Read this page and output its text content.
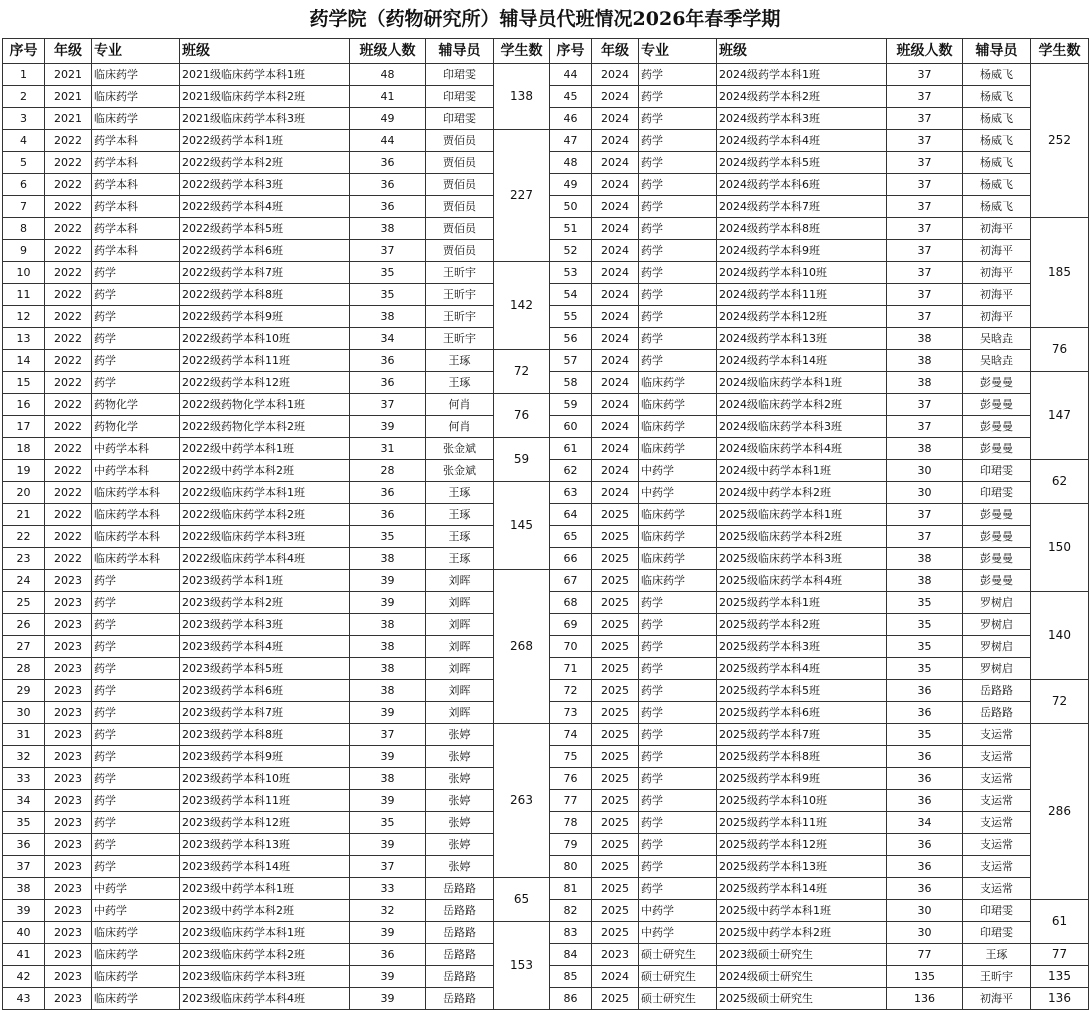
药学院（药物研究所）辅导员代班情况2026年春季学期
序号	年级	专业	班级	班级人数	辅导员	学生数	序号	年级	专业	班级	班级人数	辅导员	学生数
1	2021	临床药学	2021级临床药学本科1班	48	印珺雯	138	44	2024	药学	2024级药学本科1班	37	杨威飞	252
2	2021	临床药学	2021级临床药学本科2班	41	印珺雯		45	2024	药学	2024级药学本科2班	37	杨威飞	
3	2021	临床药学	2021级临床药学本科3班	49	印珺雯		46	2024	药学	2024级药学本科3班	37	杨威飞	
4	2022	药学本科	2022级药学本科1班	44	贾佰员	227	47	2024	药学	2024级药学本科4班	37	杨威飞	
5	2022	药学本科	2022级药学本科2班	36	贾佰员		48	2024	药学	2024级药学本科5班	37	杨威飞	
6	2022	药学本科	2022级药学本科3班	36	贾佰员		49	2024	药学	2024级药学本科6班	37	杨威飞	
7	2022	药学本科	2022级药学本科4班	36	贾佰员		50	2024	药学	2024级药学本科7班	37	杨威飞	
8	2022	药学本科	2022级药学本科5班	38	贾佰员		51	2024	药学	2024级药学本科8班	37	初海平	185
9	2022	药学本科	2022级药学本科6班	37	贾佰员		52	2024	药学	2024级药学本科9班	37	初海平	
10	2022	药学	2022级药学本科7班	35	王昕宇	142	53	2024	药学	2024级药学本科10班	37	初海平	
11	2022	药学	2022级药学本科8班	35	王昕宇		54	2024	药学	2024级药学本科11班	37	初海平	
12	2022	药学	2022级药学本科9班	38	王昕宇		55	2024	药学	2024级药学本科12班	37	初海平	
13	2022	药学	2022级药学本科10班	34	王昕宇		56	2024	药学	2024级药学本科13班	38	吴晗垚	76
14	2022	药学	2022级药学本科11班	36	王琢	72	57	2024	药学	2024级药学本科14班	38	吴晗垚	
15	2022	药学	2022级药学本科12班	36	王琢		58	2024	临床药学	2024级临床药学本科1班	38	彭曼曼	147
16	2022	药物化学	2022级药物化学本科1班	37	何肖	76	59	2024	临床药学	2024级临床药学本科2班	37	彭曼曼	
17	2022	药物化学	2022级药物化学本科2班	39	何肖		60	2024	临床药学	2024级临床药学本科3班	37	彭曼曼	
18	2022	中药学本科	2022级中药学本科1班	31	张金斌	59	61	2024	临床药学	2024级临床药学本科4班	38	彭曼曼	
19	2022	中药学本科	2022级中药学本科2班	28	张金斌		62	2024	中药学	2024级中药学本科1班	30	印珺雯	62
20	2022	临床药学本科	2022级临床药学本科1班	36	王琢	145	63	2024	中药学	2024级中药学本科2班	30	印珺雯	
21	2022	临床药学本科	2022级临床药学本科2班	36	王琢		64	2025	临床药学	2025级临床药学本科1班	37	彭曼曼	150
22	2022	临床药学本科	2022级临床药学本科3班	35	王琢		65	2025	临床药学	2025级临床药学本科2班	37	彭曼曼	
23	2022	临床药学本科	2022级临床药学本科4班	38	王琢		66	2025	临床药学	2025级临床药学本科3班	38	彭曼曼	
24	2023	药学	2023级药学本科1班	39	刘晖	268	67	2025	临床药学	2025级临床药学本科4班	38	彭曼曼	
25	2023	药学	2023级药学本科2班	39	刘晖		68	2025	药学	2025级药学本科1班	35	罗树启	140
26	2023	药学	2023级药学本科3班	38	刘晖		69	2025	药学	2025级药学本科2班	35	罗树启	
27	2023	药学	2023级药学本科4班	38	刘晖		70	2025	药学	2025级药学本科3班	35	罗树启	
28	2023	药学	2023级药学本科5班	38	刘晖		71	2025	药学	2025级药学本科4班	35	罗树启	
29	2023	药学	2023级药学本科6班	38	刘晖		72	2025	药学	2025级药学本科5班	36	岳路路	72
30	2023	药学	2023级药学本科7班	39	刘晖		73	2025	药学	2025级药学本科6班	36	岳路路	
31	2023	药学	2023级药学本科8班	37	张婷	263	74	2025	药学	2025级药学本科7班	35	支运常	286
32	2023	药学	2023级药学本科9班	39	张婷		75	2025	药学	2025级药学本科8班	36	支运常	
33	2023	药学	2023级药学本科10班	38	张婷		76	2025	药学	2025级药学本科9班	36	支运常	
34	2023	药学	2023级药学本科11班	39	张婷		77	2025	药学	2025级药学本科10班	36	支运常	
35	2023	药学	2023级药学本科12班	35	张婷		78	2025	药学	2025级药学本科11班	34	支运常	
36	2023	药学	2023级药学本科13班	39	张婷		79	2025	药学	2025级药学本科12班	36	支运常	
37	2023	药学	2023级药学本科14班	37	张婷		80	2025	药学	2025级药学本科13班	36	支运常	
38	2023	中药学	2023级中药学本科1班	33	岳路路	65	81	2025	药学	2025级药学本科14班	36	支运常	
39	2023	中药学	2023级中药学本科2班	32	岳路路		82	2025	中药学	2025级中药学本科1班	30	印珺雯	61
40	2023	临床药学	2023级临床药学本科1班	39	岳路路	153	83	2025	中药学	2025级中药学本科2班	30	印珺雯	
41	2023	临床药学	2023级临床药学本科2班	36	岳路路		84	2023	硕士研究生	2023级硕士研究生	77	王琢	77
42	2023	临床药学	2023级临床药学本科3班	39	岳路路		85	2024	硕士研究生	2024级硕士研究生	135	王昕宇	135
43	2023	临床药学	2023级临床药学本科4班	39	岳路路		86	2025	硕士研究生	2025级硕士研究生	136	初海平	136
